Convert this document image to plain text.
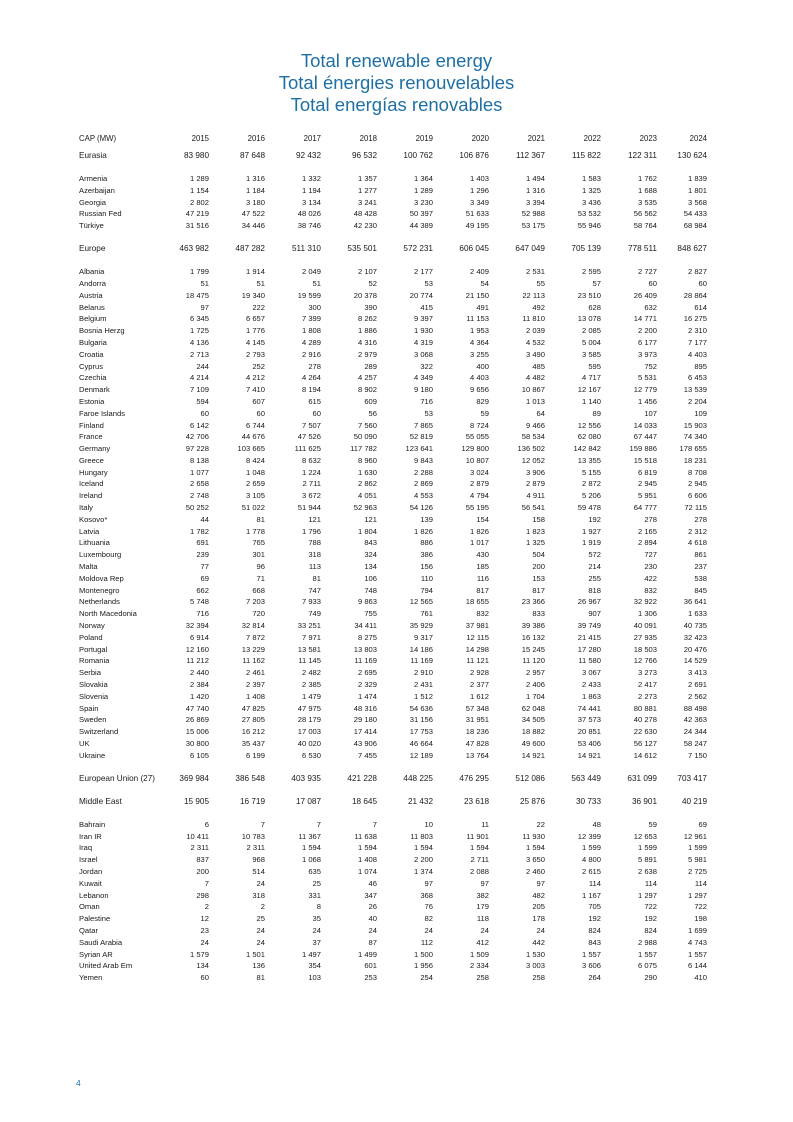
Total renewable energy
Total énergies renouvelables
Total energías renovables
CAP (MW)	2015	2016	2017	2018	2019	2020	2021	2022	2023	2024
Eurasia	83 980	87 648	92 432	96 532	100 762	106 876	112 367	115 822	122 311	130 624
Armenia	1 289	1 316	1 332	1 357	1 364	1 403	1 494	1 583	1 762	1 839
Azerbaijan	1 154	1 184	1 194	1 277	1 289	1 296	1 316	1 325	1 688	1 801
Georgia	2 802	3 180	3 134	3 241	3 230	3 349	3 394	3 436	3 535	3 568
Russian Fed	47 219	47 522	48 026	48 428	50 397	51 633	52 988	53 532	56 562	54 433
Türkiye	31 516	34 446	38 746	42 230	44 389	49 195	53 175	55 946	58 764	68 984
Europe	463 982	487 282	511 310	535 501	572 231	606 045	647 049	705 139	778 511	848 627
Albania	1 799	1 914	2 049	2 107	2 177	2 409	2 531	2 595	2 727	2 827
Andorra	51	51	51	52	53	54	55	57	60	60
Austria	18 475	19 340	19 599	20 378	20 774	21 150	22 113	23 510	26 409	28 864
Belarus	97	222	300	390	415	491	492	628	632	614
Belgium	6 345	6 657	7 399	8 262	9 397	11 153	11 810	13 078	14 771	16 275
Bosnia Herzg	1 725	1 776	1 808	1 886	1 930	1 953	2 039	2 085	2 200	2 310
Bulgaria	4 136	4 145	4 289	4 316	4 319	4 364	4 532	5 004	6 177	7 177
Croatia	2 713	2 793	2 916	2 979	3 068	3 255	3 490	3 585	3 973	4 403
Cyprus	244	252	278	289	322	400	485	595	752	895
Czechia	4 214	4 212	4 264	4 257	4 349	4 403	4 482	4 717	5 531	6 453
Denmark	7 109	7 410	8 194	8 902	9 180	9 656	10 867	12 167	12 779	13 539
Estonia	594	607	615	609	716	829	1 013	1 140	1 456	2 204
Faroe Islands	60	60	60	56	53	59	64	89	107	109
Finland	6 142	6 744	7 507	7 560	7 865	8 724	9 466	12 556	14 033	15 903
France	42 706	44 676	47 526	50 090	52 819	55 055	58 534	62 080	67 447	74 340
Germany	97 228	103 665	111 625	117 782	123 641	129 800	136 502	142 842	159 886	178 655
Greece	8 138	8 424	8 632	8 960	9 843	10 807	12 052	13 355	15 518	18 231
Hungary	1 077	1 048	1 224	1 630	2 288	3 024	3 906	5 155	6 819	8 708
Iceland	2 658	2 659	2 711	2 862	2 869	2 879	2 879	2 872	2 945	2 945
Ireland	2 748	3 105	3 672	4 051	4 553	4 794	4 911	5 206	5 951	6 606
Italy	50 252	51 022	51 944	52 963	54 126	55 195	56 541	59 478	64 777	72 115
Kosovo*	44	81	121	121	139	154	158	192	278	278
Latvia	1 782	1 778	1 796	1 804	1 826	1 826	1 823	1 927	2 165	2 312
Lithuania	691	765	788	843	886	1 017	1 325	1 919	2 894	4 618
Luxembourg	239	301	318	324	386	430	504	572	727	861
Malta	77	96	113	134	156	185	200	214	230	237
Moldova Rep	69	71	81	106	110	116	153	255	422	538
Montenegro	662	668	747	748	794	817	817	818	832	845
Netherlands	5 748	7 203	7 933	9 863	12 565	18 655	23 366	26 967	32 922	36 641
North Macedonia	716	720	749	755	761	832	833	907	1 306	1 633
Norway	32 394	32 814	33 251	34 411	35 929	37 981	39 386	39 749	40 091	40 735
Poland	6 914	7 872	7 971	8 275	9 317	12 115	16 132	21 415	27 935	32 423
Portugal	12 160	13 229	13 581	13 803	14 186	14 298	15 245	17 280	18 503	20 476
Romania	11 212	11 162	11 145	11 169	11 169	11 121	11 120	11 580	12 766	14 529
Serbia	2 440	2 461	2 482	2 695	2 910	2 928	2 957	3 067	3 273	3 413
Slovakia	2 384	2 397	2 385	2 329	2 431	2 377	2 406	2 433	2 417	2 691
Slovenia	1 420	1 408	1 479	1 474	1 512	1 612	1 704	1 863	2 273	2 562
Spain	47 740	47 825	47 975	48 316	54 636	57 348	62 048	74 441	80 881	88 498
Sweden	26 869	27 805	28 179	29 180	31 156	31 951	34 505	37 573	40 278	42 363
Switzerland	15 006	16 212	17 003	17 414	17 753	18 236	18 882	20 851	22 630	24 344
UK	30 800	35 437	40 020	43 906	46 664	47 828	49 600	53 406	56 127	58 247
Ukraine	6 105	6 199	6 530	7 455	12 189	13 764	14 921	14 921	14 612	7 150
European Union (27)	369 984	386 548	403 935	421 228	448 225	476 295	512 086	563 449	631 099	703 417
Middle East	15 905	16 719	17 087	18 645	21 432	23 618	25 876	30 733	36 901	40 219
Bahrain	6	7	7	7	10	11	22	48	59	69
Iran IR	10 411	10 783	11 367	11 638	11 803	11 901	11 930	12 399	12 653	12 961
Iraq	2 311	2 311	1 594	1 594	1 594	1 594	1 594	1 599	1 599	1 599
Israel	837	968	1 068	1 408	2 200	2 711	3 650	4 800	5 891	5 981
Jordan	200	514	635	1 074	1 374	2 088	2 460	2 615	2 638	2 725
Kuwait	7	24	25	46	97	97	97	114	114	114
Lebanon	298	318	331	347	368	382	482	1 167	1 297	1 297
Oman	2	2	8	26	76	179	205	705	722	722
Palestine	12	25	35	40	82	118	178	192	192	198
Qatar	23	24	24	24	24	24	24	824	824	1 699
Saudi Arabia	24	24	37	87	112	412	442	843	2 988	4 743
Syrian AR	1 579	1 501	1 497	1 499	1 500	1 509	1 530	1 557	1 557	1 557
United Arab Em	134	136	354	601	1 956	2 334	3 003	3 606	6 075	6 144
Yemen	60	81	103	253	254	258	258	264	290	410
4
